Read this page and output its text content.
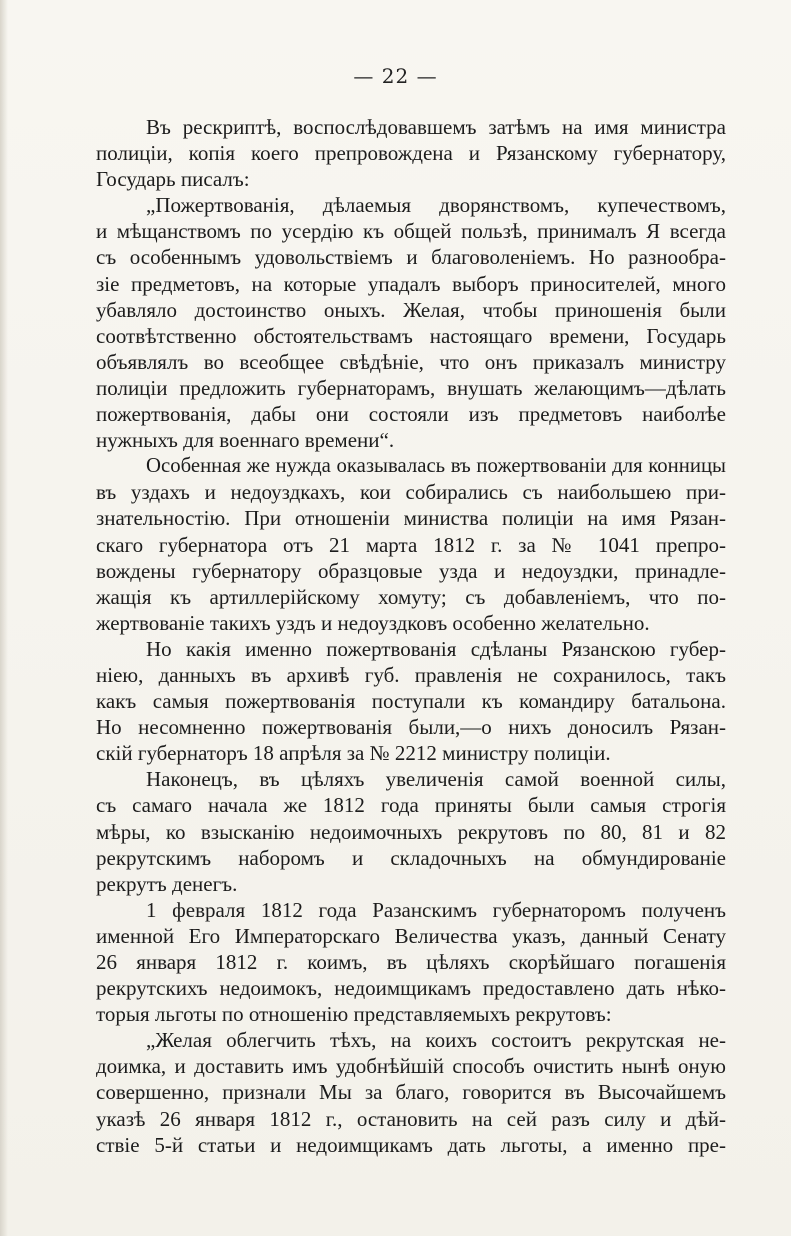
— 22 —
Въ рескриптѣ, воспослѣдовавшемъ затѣмъ на имя министра
полиціи, копія коего препровождена и Рязанскому губернатору,
Государь писалъ:
„Пожертвованія, дѣлаемыя дворянствомъ, купечествомъ,
и мѣщанствомъ по усердію къ общей пользѣ, принималъ Я всегда
съ особеннымъ удовольствіемъ и благоволеніемъ. Но разнообра-
зіе предметовъ, на которые упадалъ выборъ приносителей, много
убавляло достоинство оныхъ. Желая, чтобы приношенія были
соотвѣтственно обстоятельствамъ настоящаго времени, Государь
объявлялъ во всеобщее свѣдѣніе, что онъ приказалъ министру
полиціи предложить губернаторамъ, внушать желающимъ—дѣлать
пожертвованія, дабы они состояли изъ предметовъ наиболѣе
нужныхъ для военнаго времени“.
Особенная же нужда оказывалась въ пожертвованіи для конницы
въ уздахъ и недоуздкахъ, кои собирались съ наибольшею при-
знательностію. При отношеніи министва полиціи на имя Рязан-
скаго губернатора отъ 21 марта 1812 г. за № 1041 препро-
вождены губернатору образцовые узда и недоуздки, принадле-
жащія къ артиллерійскому хомуту; съ добавленіемъ, что по-
жертвованіе такихъ уздъ и недоуздковъ особенно желательно.
Но какія именно пожертвованія сдѣланы Рязанскою губер-
ніею, данныхъ въ архивѣ губ. правленія не сохранилось, такъ
какъ самыя пожертвованія поступали къ командиру батальона.
Но несомненно пожертвованія были,—о нихъ доносилъ Рязан-
скій губернаторъ 18 апрѣля за № 2212 министру полиціи.
Наконецъ, въ цѣляхъ увеличенія самой военной силы,
съ самаго начала же 1812 года приняты были самыя строгія
мѣры, ко взысканію недоимочныхъ рекрутовъ по 80, 81 и 82
рекрутскимъ наборомъ и складочныхъ на обмундированіе
рекрутъ денегъ.
1 февраля 1812 года Разанскимъ губернаторомъ полученъ
именной Его Императорскаго Величества указъ, данный Сенату
26 января 1812 г. коимъ, въ цѣляхъ скорѣйшаго погашенія
рекрутскихъ недоимокъ, недоимщикамъ предоставлено дать нѣко-
торыя льготы по отношенію представляемыхъ рекрутовъ:
„Желая облегчить тѣхъ, на коихъ состоитъ рекрутская не-
доимка, и доставить имъ удобнѣйшій способъ очистить нынѣ оную
совершенно, признали Мы за благо, говорится въ Высочайшемъ
указѣ 26 января 1812 г., остановить на сей разъ силу и дѣй-
ствіе 5-й статьи и недоимщикамъ дать льготы, а именно пре-
